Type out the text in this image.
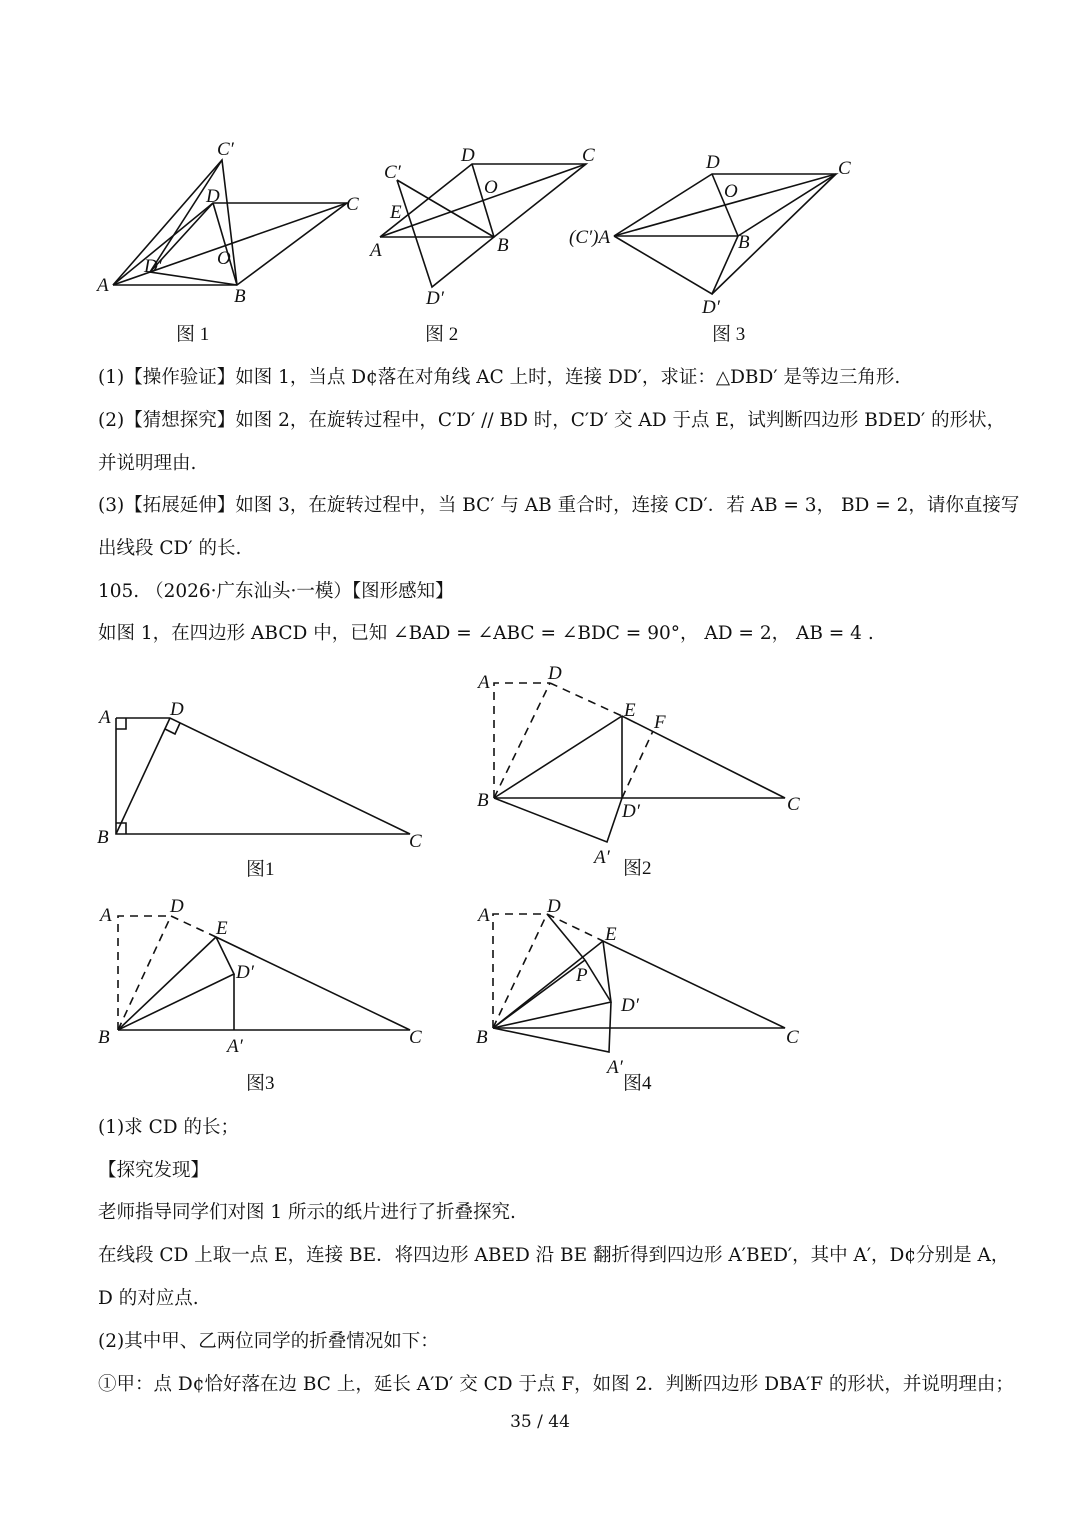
C′
D	C
D′	O
A
B
图 1
C′
D	C
E
O
A	B
D′
图 2
D	C
O
(C′)A	B
D′
图 3
(1)【操作验证】如图 1，当点 D¢落在对角线 AC 上时，连接 DD′，求证：△DBD′ 是等边三角形.
(2)【猜想探究】如图 2，在旋转过程中，C′D′ // BD 时，C′D′ 交 AD 于点 E，试判断四边形 BDED′ 的形状，
并说明理由.
(3)【拓展延伸】如图 3，在旋转过程中，当 BC′ 与 AB 重合时，连接 CD′．若 AB = 3， BD = 2，请你直接写
出线段 CD′ 的长.
105. （2026·广东汕头·一模）【图形感知】
如图 1，在四边形 ABCD 中，已知 ∠BAD = ∠ABC = ∠BDC = 90°， AD = 2， AB = 4 .
A	D
B	C
图1
A	D
E
F
B
D′	C
A′
图2
A	D
E
D′
B	A′	C
图3
A	D
E
P
D′
B	C
A′
图4
(1)求 CD 的长；
【探究发现】
老师指导同学们对图 1 所示的纸片进行了折叠探究.
在线段 CD 上取一点 E，连接 BE．将四边形 ABED 沿 BE 翻折得到四边形 A′BED′，其中 A′，D¢分别是 A，
D 的对应点.
(2)其中甲、乙两位同学的折叠情况如下：
①甲：点 D¢恰好落在边 BC 上，延长 A′D′ 交 CD 于点 F，如图 2．判断四边形 DBA′F 的形状，并说明理由；
35 / 44
